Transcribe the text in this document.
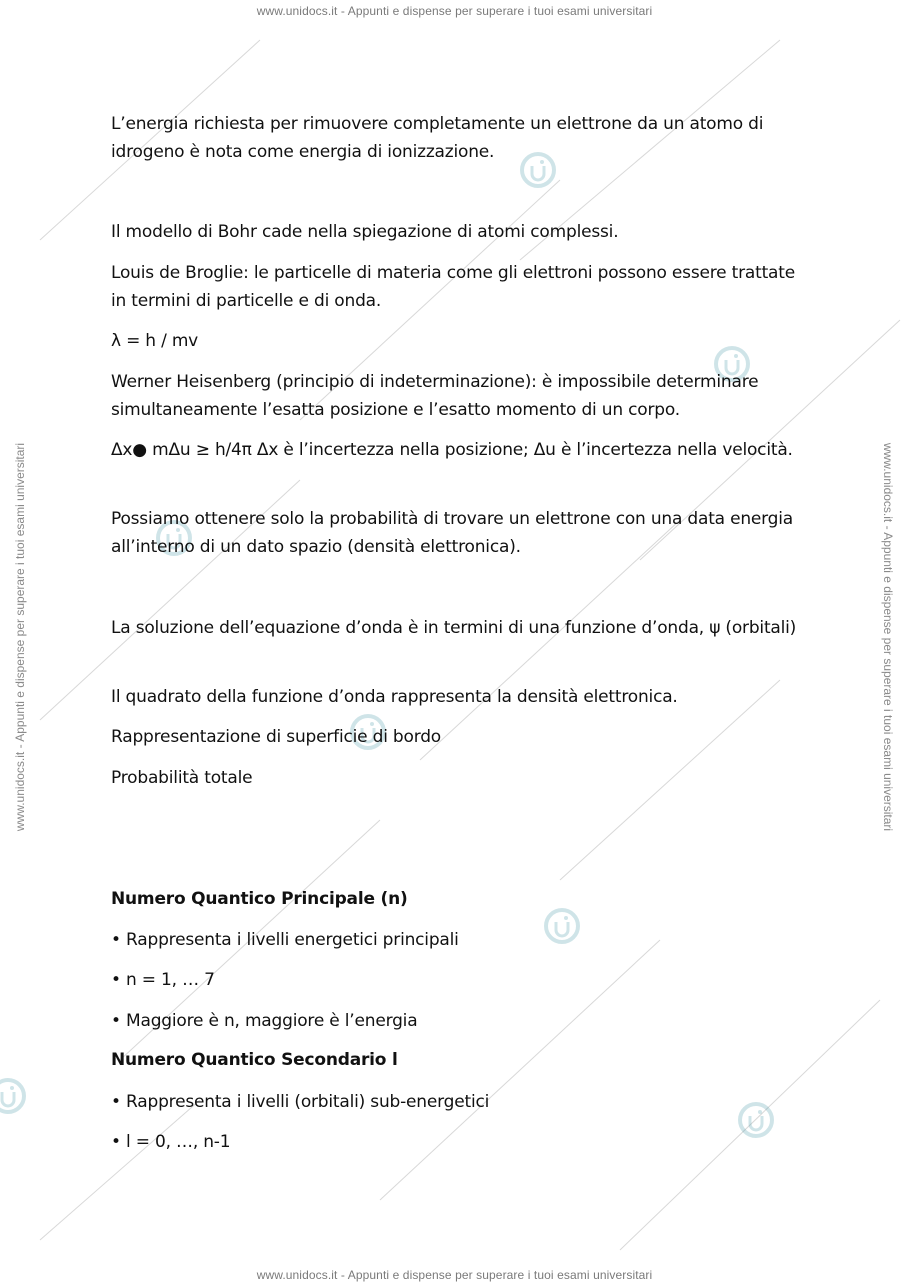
www.unidocs.it - Appunti e dispense per superare i tuoi esami universitari
www.unidocs.it - Appunti e dispense per superare i tuoi esami universitari
www.unidocs.it - Appunti e dispense per superare i tuoi esami universitari	www.unidocs.it - Appunti e dispense per superare i tuoi esami universitari

L’energia richiesta per rimuovere completamente un elettrone da un atomo di idrogeno è nota come energia di ionizzazione.

Il modello di Bohr cade nella spiegazione di atomi complessi.

Louis de Broglie: le particelle di materia come gli elettroni possono essere trattate in termini di particelle e di onda.

λ = h / mv

Werner Heisenberg (principio di indeterminazione): è impossibile determinare simultaneamente l’esatta posizione e l’esatto momento di un corpo.

Δx● mΔu ≥ h/4π Δx è l’incertezza nella posizione; Δu è l’incertezza nella velocità.

Possiamo ottenere solo la probabilità di trovare un elettrone con una data energia all’interno di un dato spazio (densità elettronica).

La soluzione dell’equazione d’onda è in termini di una funzione d’onda, ψ (orbitali)

Il quadrato della funzione d’onda rappresenta la densità elettronica.

Rappresentazione di superficie di bordo

Probabilità totale

Numero Quantico Principale (n)

• Rappresenta i livelli energetici principali

• n = 1, … 7

• Maggiore è n, maggiore è l’energia

Numero Quantico Secondario l

• Rappresenta i livelli (orbitali) sub-energetici

• l = 0, …, n-1
